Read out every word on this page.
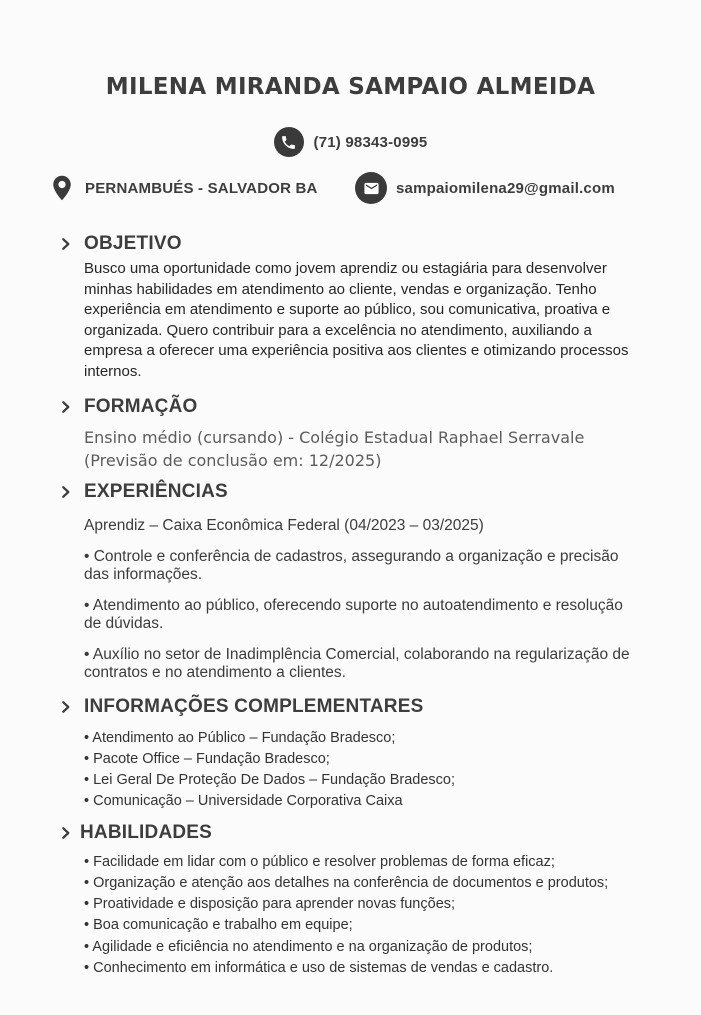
MILENA MIRANDA SAMPAIO ALMEIDA
(71) 98343-0995
PERNAMBUÉS - SALVADOR BA	sampaiomilena29@gmail.com
OBJETIVO

Busco uma oportunidade como jovem aprendiz ou estagiária para desenvolver minhas habilidades em atendimento ao cliente, vendas e organização. Tenho experiência em atendimento e suporte ao público, sou comunicativa, proativa e organizada. Quero contribuir para a excelência no atendimento, auxiliando a empresa a oferecer uma experiência positiva aos clientes e otimizando processos internos.

FORMAÇÃO
Ensino médio (cursando) - Colégio Estadual Raphael Serravale
(Previsão de conclusão em: 12/2025)
EXPERIÊNCIAS

Aprendiz – Caixa Econômica Federal (04/2023 – 03/2025)

• Controle e conferência de cadastros, assegurando a organização e precisão das informações.
• Atendimento ao público, oferecendo suporte no autoatendimento e resolução de dúvidas.
• Auxílio no setor de Inadimplência Comercial, colaborando na regularização de contratos e no atendimento a clientes.
INFORMAÇÕES COMPLEMENTARES
• Atendimento ao Público – Fundação Bradesco;
• Pacote Office – Fundação Bradesco;
• Lei Geral De Proteção De Dados – Fundação Bradesco;
• Comunicação – Universidade Corporativa Caixa
HABILIDADES
• Facilidade em lidar com o público e resolver problemas de forma eficaz;
• Organização e atenção aos detalhes na conferência de documentos e produtos;
• Proatividade e disposição para aprender novas funções;
• Boa comunicação e trabalho em equipe;
• Agilidade e eficiência no atendimento e na organização de produtos;
• Conhecimento em informática e uso de sistemas de vendas e cadastro.
